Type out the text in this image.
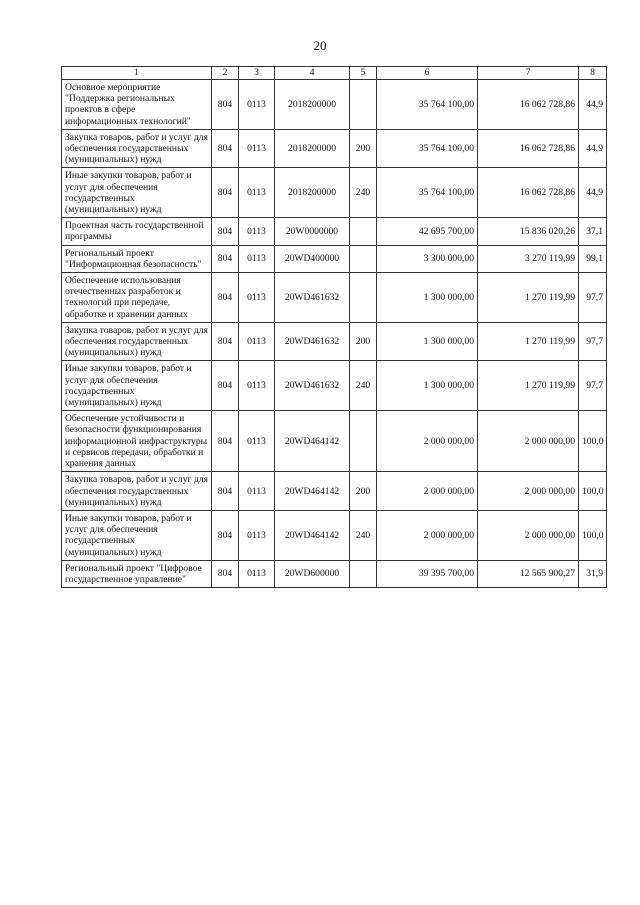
20
1	2	3	4	5	6	7	8
Основное мероприятие "Поддержка региональных проектов в сфере информационных технологий"	804	0113	2018200000		35 764 100,00	16 062 728,86	44,9
Закупка товаров, работ и услуг для обеспечения государственных (муниципальных) нужд	804	0113	2018200000	200	35 764 100,00	16 062 728,86	44,9
Иные закупки товаров, работ и услуг для обеспечения государственных (муниципальных) нужд	804	0113	2018200000	240	35 764 100,00	16 062 728,86	44,9
Проектная часть государственной программы	804	0113	20W0000000		42 695 700,00	15 836 020,26	37,1
Региональный проект "Информационная безопасность"	804	0113	20WD400000		3 300 000,00	3 270 119,99	99,1
Обеспечение использования отечественных разработок и технологий при передаче, обработке и хранении данных	804	0113	20WD461632		1 300 000,00	1 270 119,99	97,7
Закупка товаров, работ и услуг для обеспечения государственных (муниципальных) нужд	804	0113	20WD461632	200	1 300 000,00	1 270 119,99	97,7
Иные закупки товаров, работ и услуг для обеспечения государственных (муниципальных) нужд	804	0113	20WD461632	240	1 300 000,00	1 270 119,99	97,7
Обеспечение устойчивости и безопасности функционирования информационной инфраструктуры и сервисов передачи, обработки и хранения данных	804	0113	20WD464142		2 000 000,00	2 000 000,00	100,0
Закупка товаров, работ и услуг для обеспечения государственных (муниципальных) нужд	804	0113	20WD464142	200	2 000 000,00	2 000 000,00	100,0
Иные закупки товаров, работ и услуг для обеспечения государственных (муниципальных) нужд	804	0113	20WD464142	240	2 000 000,00	2 000 000,00	100,0
Региональный проект "Цифровое государственное управление"	804	0113	20WD600000		39 395 700,00	12 565 900,27	31,9
